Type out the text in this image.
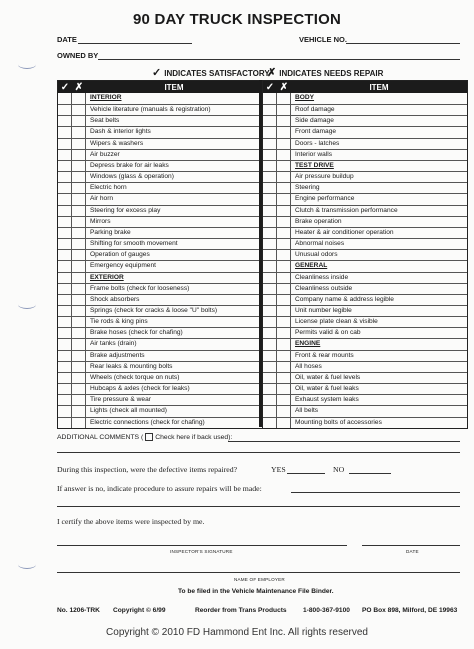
90 DAY TRUCK INSPECTION
DATE	VEHICLE NO.
OWNED BY
✓ INDICATES SATISFACTORY
✗ INDICATES NEEDS REPAIR
✓ ✗	ITEM
INTERIOR
Vehicle literature (manuals & registration)
Seat belts
Dash & interior lights
Wipers & washers
Air buzzer
Depress brake for air leaks
Windows (glass & operation)
Electric horn
Air horn
Steering for excess play
Mirrors
Parking brake
Shifting for smooth movement
Operation of gauges
Emergency equipment
EXTERIOR
Frame bolts (check for looseness)
Shock absorbers
Springs (check for cracks & loose "U" bolts)
Tie rods & king pins
Brake hoses (check for chafing)
Air tanks (drain)
Brake adjustments
Rear leaks & mounting bolts
Wheels (check torque on nuts)
Hubcaps & axles (check for leaks)
Tire pressure & wear
Lights (check all mounted)
Electric connections (check for chafing)
✓ ✗	ITEM
BODY
Roof damage
Side damage
Front damage
Doors - latches
Interior walls
TEST DRIVE
Air pressure buildup
Steering
Engine performance
Clutch & transmission performance
Brake operation
Heater & air conditioner operation
Abnormal noises
Unusual odors
GENERAL
Cleanliness inside
Cleanliness outside
Company name & address legible
Unit number legible
License plate clean & visible
Permits valid & on cab
ENGINE
Front & rear mounts
All hoses
Oil, water & fuel levels
Oil, water & fuel leaks
Exhaust system leaks
All belts
Mounting bolts of accessories
ADDITIONAL COMMENTS ( Check here if back used):
During this inspection, were the defective items repaired?	YES	NO
If answer is no, indicate procedure to assure repairs will be made:
I certify the above items were inspected by me.
INSPECTOR'S SIGNATURE	DATE
NAME OF EMPLOYER
To be filed in the Vehicle Maintenance File Binder.
No. 1206-TRK Copyright © 6/99	Reorder from Trans Products 1-800-367-9100 PO Box 898, Milford, DE 19963
Copyright © 2010 FD Hammond Ent Inc. All rights reserved
